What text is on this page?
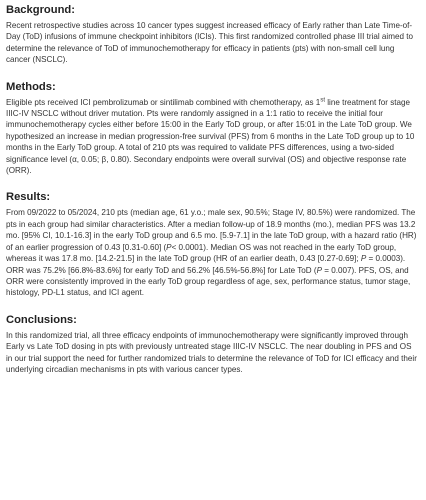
Background:

Recent retrospective studies across 10 cancer types suggest increased efficacy of Early rather than Late Time-of-Day (ToD) infusions of immune checkpoint inhibitors (ICIs). This first randomized controlled phase III trial aimed to determine the relevance of ToD of immunochemotherapy for efficacy in patients (pts) with non-small cell lung cancer (NSCLC).

Methods:

Eligible pts received ICI pembrolizumab or sintilimab combined with chemotherapy, as 1st line treatment for stage IIIC-IV NSCLC without driver mutation. Pts were randomly assigned in a 1:1 ratio to receive the initial four immunochemotherapy cycles either before 15:00 in the Early ToD group, or after 15:01 in the Late ToD group. We hypothesized an increase in median progression-free survival (PFS) from 6 months in the Late ToD group up to 10 months in the Early ToD group. A total of 210 pts was required to validate PFS differences, using a two-sided significance level (α, 0.05; β, 0.80). Secondary endpoints were overall survival (OS) and objective response rate (ORR).

Results:

From 09/2022 to 05/2024, 210 pts (median age, 61 y.o.; male sex, 90.5%; Stage IV, 80.5%) were randomized. The pts in each group had similar characteristics. After a median follow-up of 18.9 months (mo.), median PFS was 13.2 mo. [95% CI, 10.1-16.3] in the early ToD group and 6.5 mo. [5.9-7.1] in the late ToD group, with a hazard ratio (HR) of an earlier progression of 0.43 [0.31-0.60] (P< 0.0001). Median OS was not reached in the early ToD group, whereas it was 17.8 mo. [14.2-21.5] in the late ToD group (HR of an earlier death, 0.43 [0.27-0.69]; P = 0.0003). ORR was 75.2% [66.8%-83.6%] for early ToD and 56.2% [46.5%-56.8%] for Late ToD (P = 0.007). PFS, OS, and ORR were consistently improved in the early ToD group regardless of age, sex, performance status, tumor stage, histology, PD-L1 status, and ICI agent.

Conclusions:

In this randomized trial, all three efficacy endpoints of immunochemotherapy were significantly improved through Early vs Late ToD dosing in pts with previously untreated stage IIIC-IV NSCLC. The near doubling in PFS and OS in our trial support the need for further randomized trials to determine the relevance of ToD for ICI efficacy and their underlying circadian mechanisms in pts with various cancer types.
